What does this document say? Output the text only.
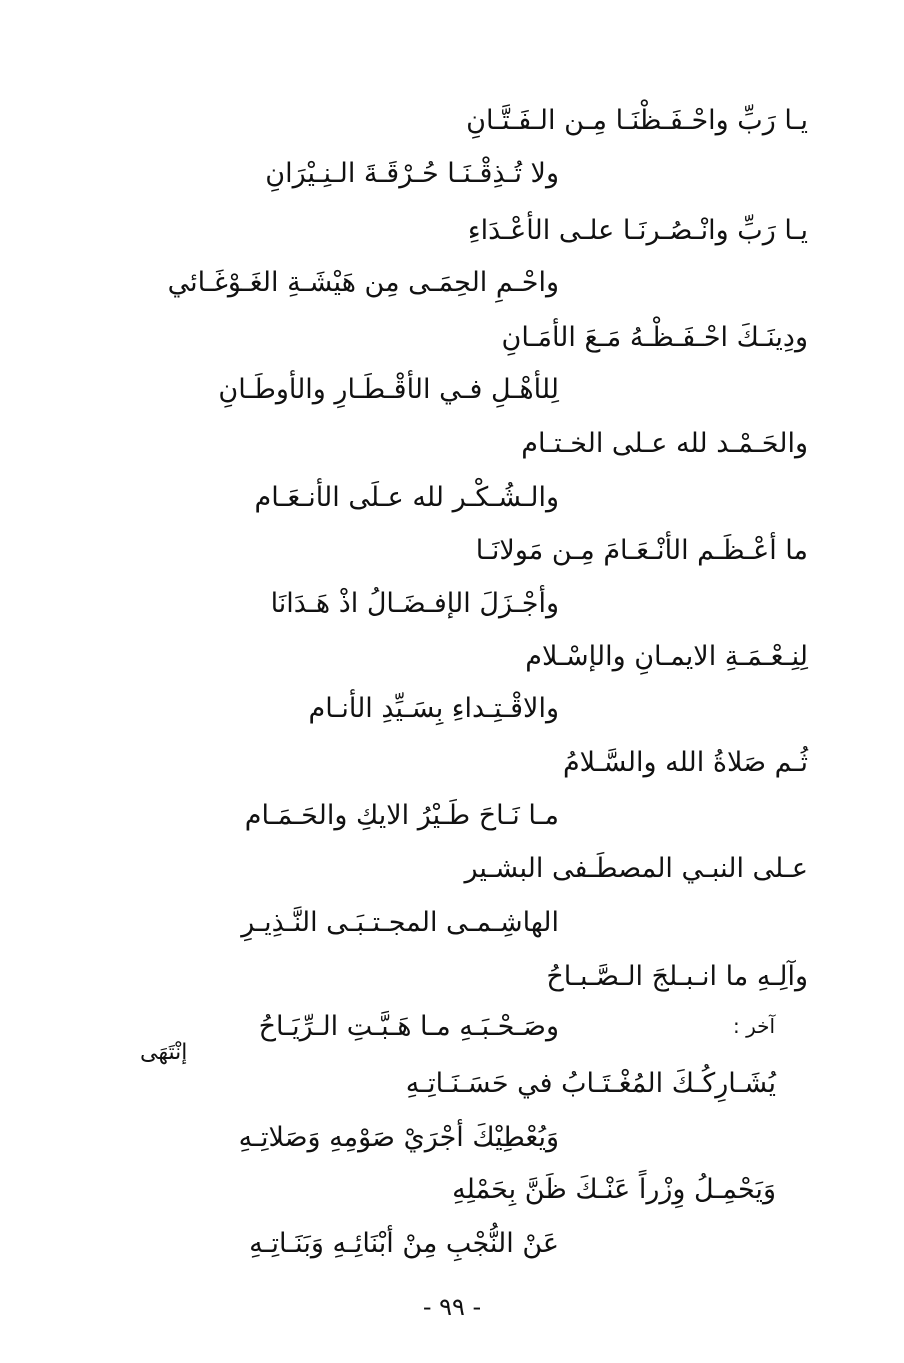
يـا رَبِّ واحْـفَـظْنَـا مِـن الـفَـتَّـانِ
ولا تُـذِقْـنَـا حُـرْقَـةَ الـنِـيْرَانِ
يـا رَبِّ وانْـصُـرنَـا علـى الأعْـدَاءِ
واحْـمِ الحِمَـى مِن هَيْشَـةِ الغَـوْغَـائي
ودِينَـكَ احْـفَـظْـهُ مَـعَ الأمَـانِ
لِلأهْـلِ فـي الأقْـطَـارِ والأوطَـانِ
والحَـمْـد لله عـلى الخـتـام
والـشُـكْـر لله عـلَى الأنـعَـام
ما أعْـظَـم الأنْـعَـامَ مِـن مَولانَـا
وأجْـزَلَ الإفـضَـالُ اذْ هَـدَانَا
لِنِـعْـمَـةِ الايمـانِ والإسْـلام
والاقْـتِـداءِ بِسَـيِّدِ الأنـام
ثُـم صَلاةُ الله والسَّـلامُ
مـا نَـاحَ طَـيْرُ الايكِ والحَـمَـام
عـلى النبـي المصطَـفى البشـير
الهاشِـمـى المجـتـبَـى النَّـذِيـرِ
وآلِـهِ ما انـبـلجَ الـصَّـبـاحُ
وصَـحْـبَـهِ مـا هَـبَّـتِ الـرِّيَـاحُ	آخر :
إنْتَهَى
يُشَـارِكُـكَ المُغْـتَـابُ في حَسَـنَـاتِـهِ
وَيُعْطِيْكَ أجْرَيْ صَوْمِهِ وَصَلاتِـهِ
وَيَحْمِـلُ وِزْراً عَنْـكَ ظَنَّ بِحَمْلِهِ
عَنْ النُّجْبِ مِنْ أبْنَائِـهِ وَبَنَـاتِـهِ
- ٩٩ -
